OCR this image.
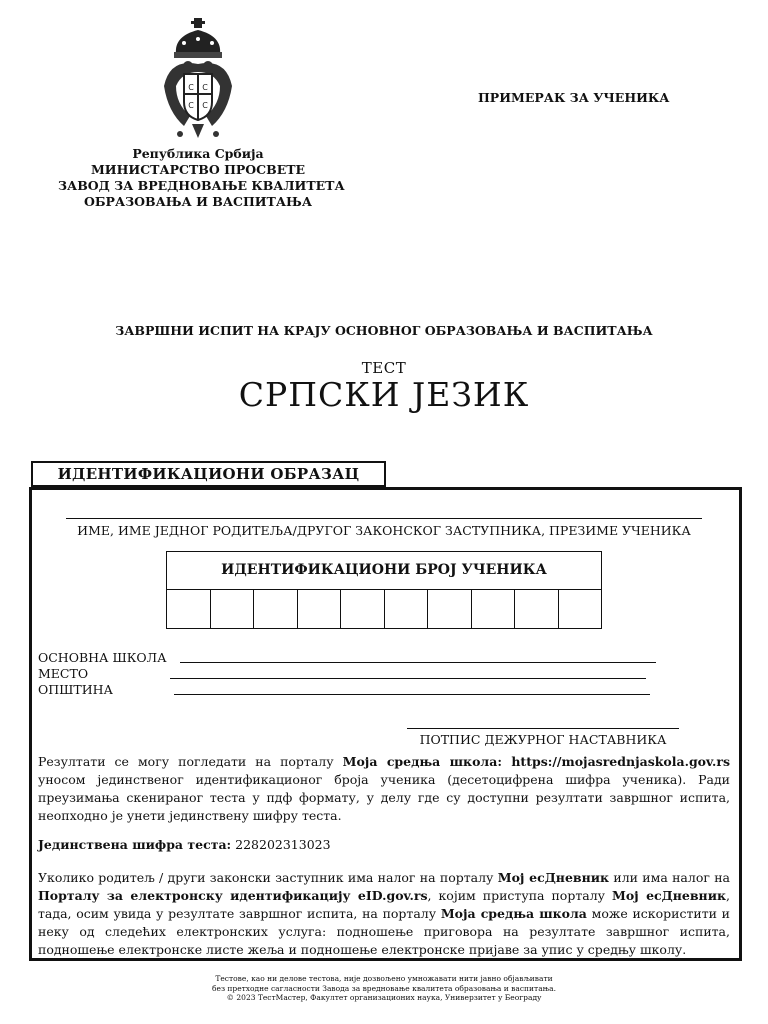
С С
С С
Република Србија
МИНИСТАРСТВО ПРОСВЕТЕ
ЗАВОД ЗА ВРЕДНОВАЊЕ КВАЛИТЕТА
ОБРАЗОВАЊА И ВАСПИТАЊА
ПРИМЕРАК ЗА УЧЕНИКА
ЗАВРШНИ ИСПИТ НА КРАЈУ ОСНОВНОГ ОБРАЗОВАЊА И ВАСПИТАЊА
ТЕСТ
СРПСКИ ЈЕЗИК
ИДЕНТИФИКАЦИОНИ ОБРАЗАЦ
ИМЕ, ИМЕ ЈЕДНОГ РОДИТЕЉА/ДРУГОГ ЗАКОНСКОГ ЗАСТУПНИКА, ПРЕЗИМЕ УЧЕНИКА
ИДЕНТИФИКАЦИОНИ БРОЈ УЧЕНИКА
ОСНОВНА ШКОЛА
МЕСТО
ОПШТИНА
ПОТПИС ДЕЖУРНОГ НАСТАВНИКА
Резултати се могу погледати на порталу Моја средња школа: https://mojasrednjaskola.gov.rs уносом јединственог идентификационог броја ученика (десетоцифрена шифра ученика). Ради преузимања скенираног теста у пдф формату, у делу где су доступни резултати завршног испита, неопходно је унети јединствену шифру теста.
Јединствена шифра теста: 228202313023
Уколико родитељ / други законски заступник има налог на порталу Мој есДневник или има налог на Порталу за електронску идентификацију eID.gov.rs, којим приступа порталу Мој есДневник, тада, осим увида у резултате завршног испита, на порталу Моја средња школа може искористити и неку од следећих електронских услуга: подношење приговора на резултате завршног испита, подношење електронске листе жеља и подношење електронске пријаве за упис у средњу школу.
Тестове, као ни делове тестова, није дозвољено умножавати нити јавно објављивати
без претходне сагласности Завода за вредновање квалитета образовања и васпитања.
© 2023 ТестМастер, Факултет организационих наука, Универзитет у Београду
